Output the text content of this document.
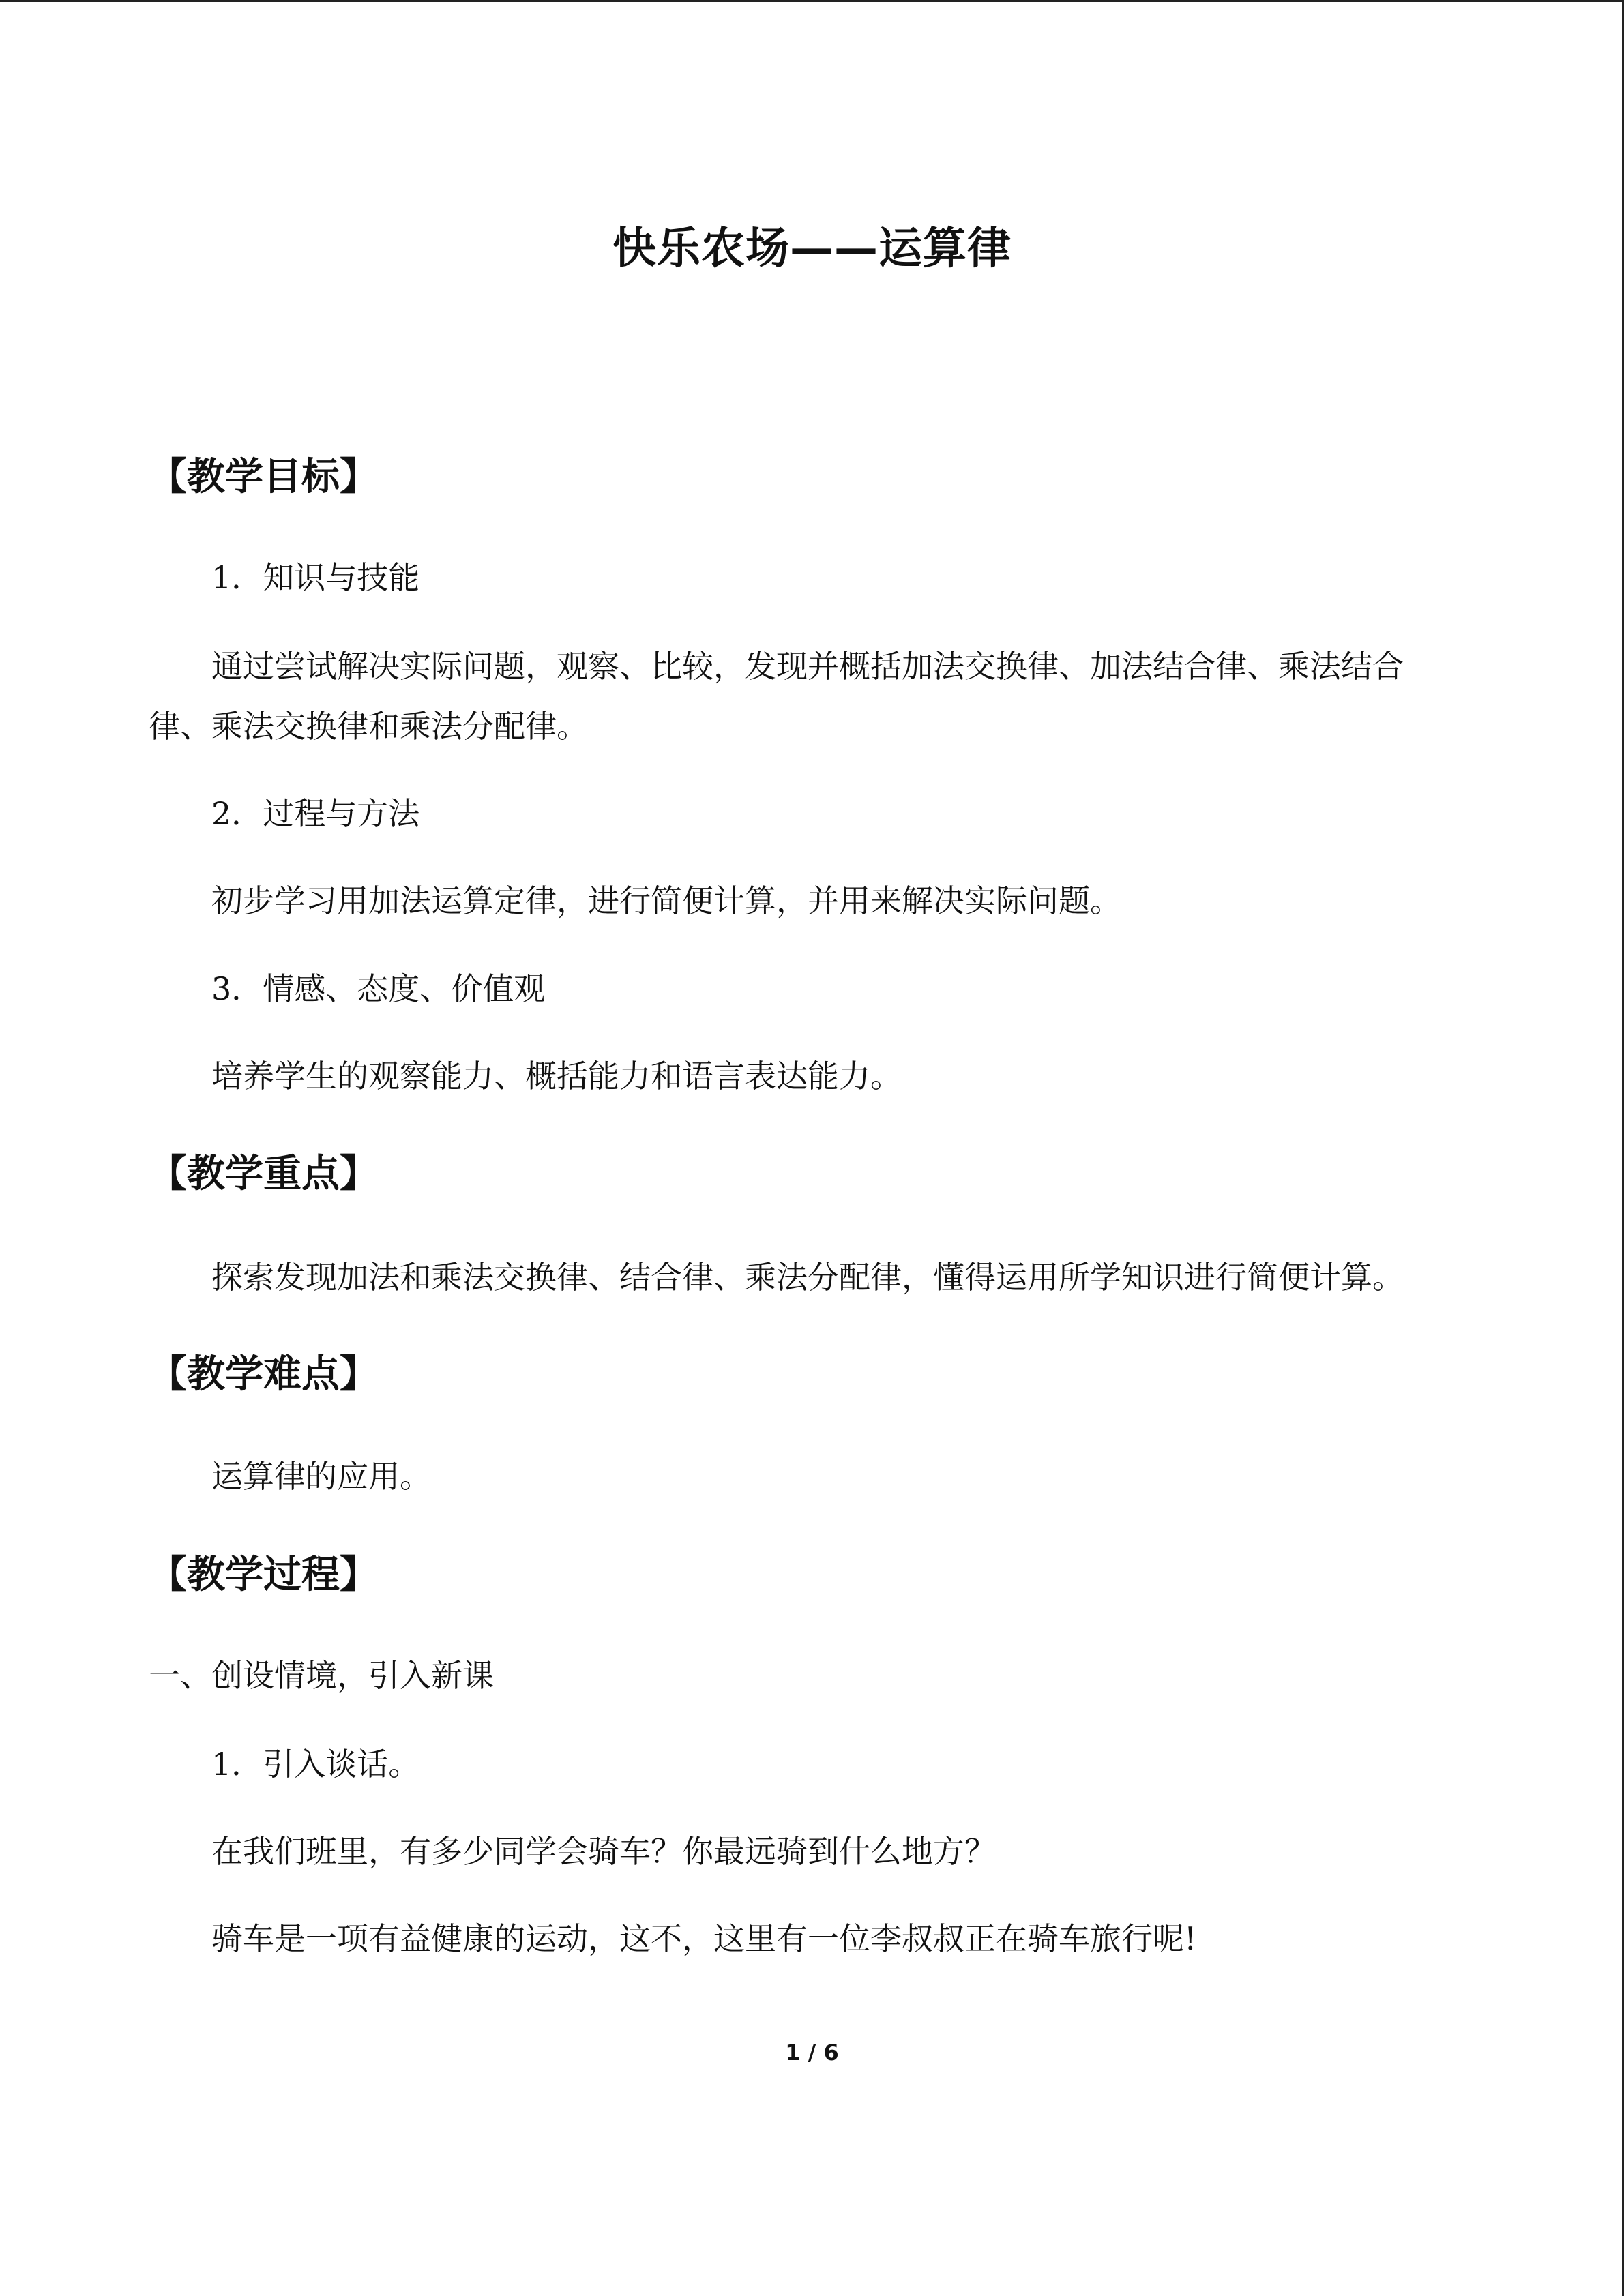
快乐农场——运算律
【教学目标】
1．知识与技能
通过尝试解决实际问题，观察、比较，发现并概括加法交换律、加法结合律、乘法结合
律、乘法交换律和乘法分配律。
2．过程与方法
初步学习用加法运算定律，进行简便计算，并用来解决实际问题。
3．情感、态度、价值观
培养学生的观察能力、概括能力和语言表达能力。
【教学重点】
探索发现加法和乘法交换律、结合律、乘法分配律，懂得运用所学知识进行简便计算。
【教学难点】
运算律的应用。
【教学过程】
一、创设情境，引入新课
1．引入谈话。
在我们班里，有多少同学会骑车？你最远骑到什么地方？
骑车是一项有益健康的运动，这不，这里有一位李叔叔正在骑车旅行呢!
1 / 6
